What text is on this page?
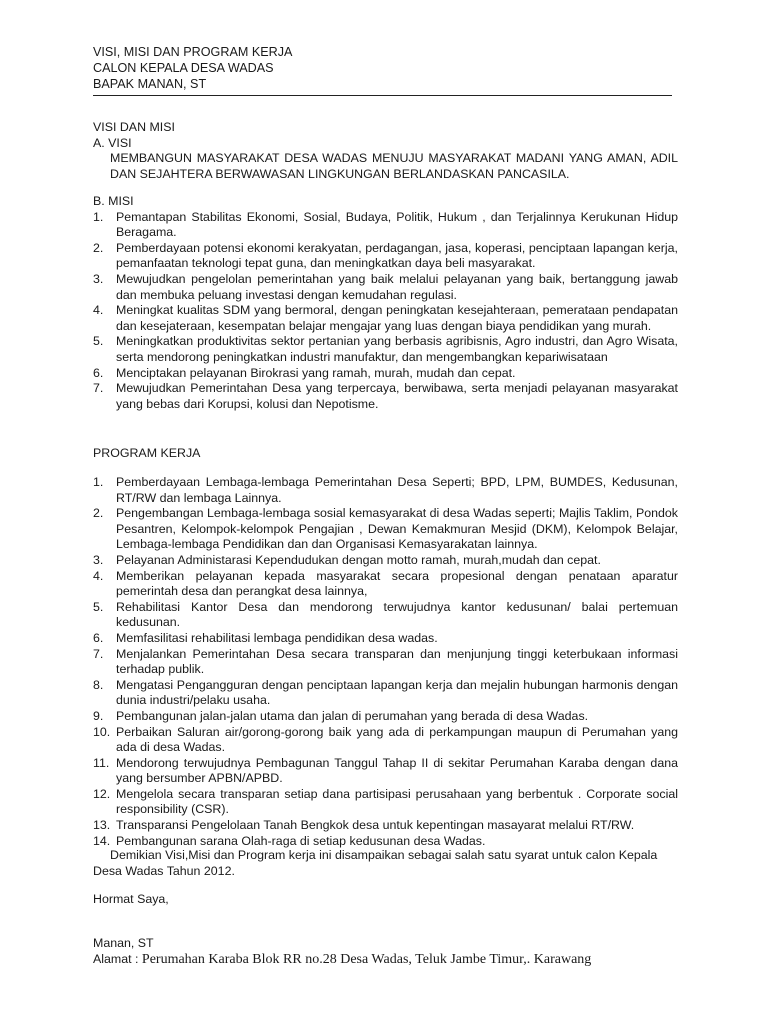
VISI, MISI DAN PROGRAM KERJA
CALON KEPALA DESA WADAS
BAPAK MANAN, ST
VISI DAN MISI
A. VISI
MEMBANGUN MASYARAKAT DESA WADAS MENUJU MASYARAKAT MADANI YANG AMAN, ADIL DAN SEJAHTERA BERWAWASAN LINGKUNGAN BERLANDASKAN PANCASILA.
B. MISI
1. Pemantapan Stabilitas Ekonomi, Sosial, Budaya, Politik, Hukum , dan Terjalinnya Kerukunan Hidup Beragama.
2. Pemberdayaan potensi ekonomi kerakyatan, perdagangan, jasa, koperasi, penciptaan lapangan kerja, pemanfaatan teknologi tepat guna, dan meningkatkan daya beli masyarakat.
3. Mewujudkan pengelolan pemerintahan yang baik melalui pelayanan yang baik, bertanggung jawab dan membuka peluang investasi dengan kemudahan regulasi.
4. Meningkat kualitas SDM yang bermoral, dengan peningkatan kesejahteraan, pemerataan pendapatan dan kesejateraan, kesempatan belajar mengajar yang luas dengan biaya pendidikan yang murah.
5. Meningkatkan produktivitas sektor pertanian yang berbasis agribisnis, Agro industri, dan Agro Wisata, serta mendorong peningkatkan industri manufaktur, dan mengembangkan kepariwisataan
6. Menciptakan pelayanan Birokrasi yang ramah, murah, mudah dan cepat.
7. Mewujudkan Pemerintahan Desa yang terpercaya, berwibawa, serta menjadi pelayanan masyarakat yang bebas dari Korupsi, kolusi dan Nepotisme.
PROGRAM KERJA
1. Pemberdayaan Lembaga-lembaga Pemerintahan Desa Seperti; BPD, LPM, BUMDES, Kedusunan, RT/RW dan lembaga Lainnya.
2. Pengembangan Lembaga-lembaga sosial kemasyarakat di desa Wadas seperti; Majlis Taklim, Pondok Pesantren, Kelompok-kelompok Pengajian , Dewan Kemakmuran Mesjid (DKM), Kelompok Belajar, Lembaga-lembaga Pendidikan dan dan Organisasi Kemasyarakatan lainnya.
3. Pelayanan Administarasi Kependudukan dengan motto ramah, murah,mudah dan cepat.
4. Memberikan pelayanan kepada masyarakat secara propesional dengan penataan aparatur pemerintah desa dan perangkat desa lainnya,
5. Rehabilitasi Kantor Desa dan mendorong terwujudnya kantor kedusunan/ balai pertemuan kedusunan.
6. Memfasilitasi rehabilitasi lembaga pendidikan desa wadas.
7. Menjalankan Pemerintahan Desa secara transparan dan menjunjung tinggi keterbukaan informasi terhadap publik.
8. Mengatasi Pengangguran dengan penciptaan lapangan kerja dan mejalin hubungan harmonis dengan dunia industri/pelaku usaha.
9. Pembangunan jalan-jalan utama dan jalan di perumahan yang berada di desa Wadas.
10. Perbaikan Saluran air/gorong-gorong baik yang ada di perkampungan maupun di Perumahan yang ada di desa Wadas.
11. Mendorong terwujudnya Pembagunan Tanggul Tahap II di sekitar Perumahan Karaba dengan dana yang bersumber APBN/APBD.
12. Mengelola secara transparan setiap dana partisipasi perusahaan yang berbentuk . Corporate social responsibility (CSR).
13. Transparansi Pengelolaan Tanah Bengkok desa untuk kepentingan masayarat melalui RT/RW.
14. Pembangunan sarana Olah-raga di setiap kedusunan desa Wadas.
Demikian Visi,Misi dan Program kerja ini disampaikan sebagai salah satu syarat untuk calon Kepala Desa Wadas Tahun 2012.
Hormat Saya,
Manan, ST
Alamat : Perumahan Karaba Blok RR no.28 Desa Wadas, Teluk Jambe Timur,. Karawang
